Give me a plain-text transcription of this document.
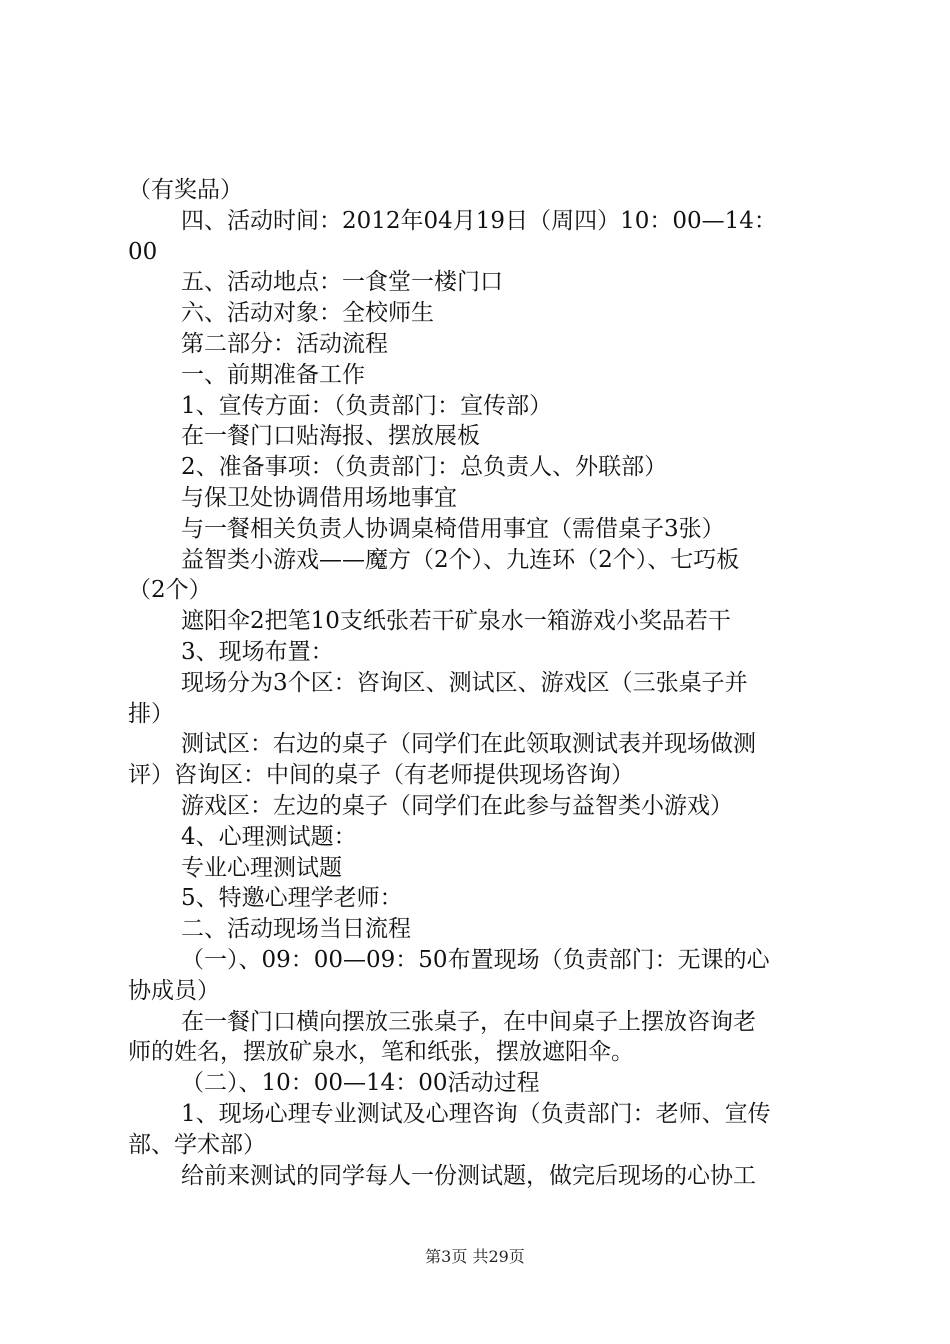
（有奖品）
四、活动时间：2012年04月19日（周四）10：00—14：
00
五、活动地点：一食堂一楼门口
六、活动对象：全校师生
第二部分：活动流程
一、前期准备工作
1、宣传方面：（负责部门：宣传部）
在一餐门口贴海报、摆放展板
2、准备事项：（负责部门：总负责人、外联部）
与保卫处协调借用场地事宜
与一餐相关负责人协调桌椅借用事宜（需借桌子3张）
益智类小游戏——魔方（2个）、九连环（2个）、七巧板
（2个）
遮阳伞2把笔10支纸张若干矿泉水一箱游戏小奖品若干
3、现场布置：
现场分为3个区：咨询区、测试区、游戏区（三张桌子并
排）
测试区：右边的桌子（同学们在此领取测试表并现场做测
评）咨询区：中间的桌子（有老师提供现场咨询）
游戏区：左边的桌子（同学们在此参与益智类小游戏）
4、心理测试题：
专业心理测试题
5、特邀心理学老师：
二、活动现场当日流程
（一）、09：00—09：50布置现场（负责部门：无课的心
协成员）
在一餐门口横向摆放三张桌子，在中间桌子上摆放咨询老
师的姓名，摆放矿泉水，笔和纸张，摆放遮阳伞。
（二）、10：00—14：00活动过程
1、现场心理专业测试及心理咨询（负责部门：老师、宣传
部、学术部）
给前来测试的同学每人一份测试题，做完后现场的心协工
第3页 共29页
